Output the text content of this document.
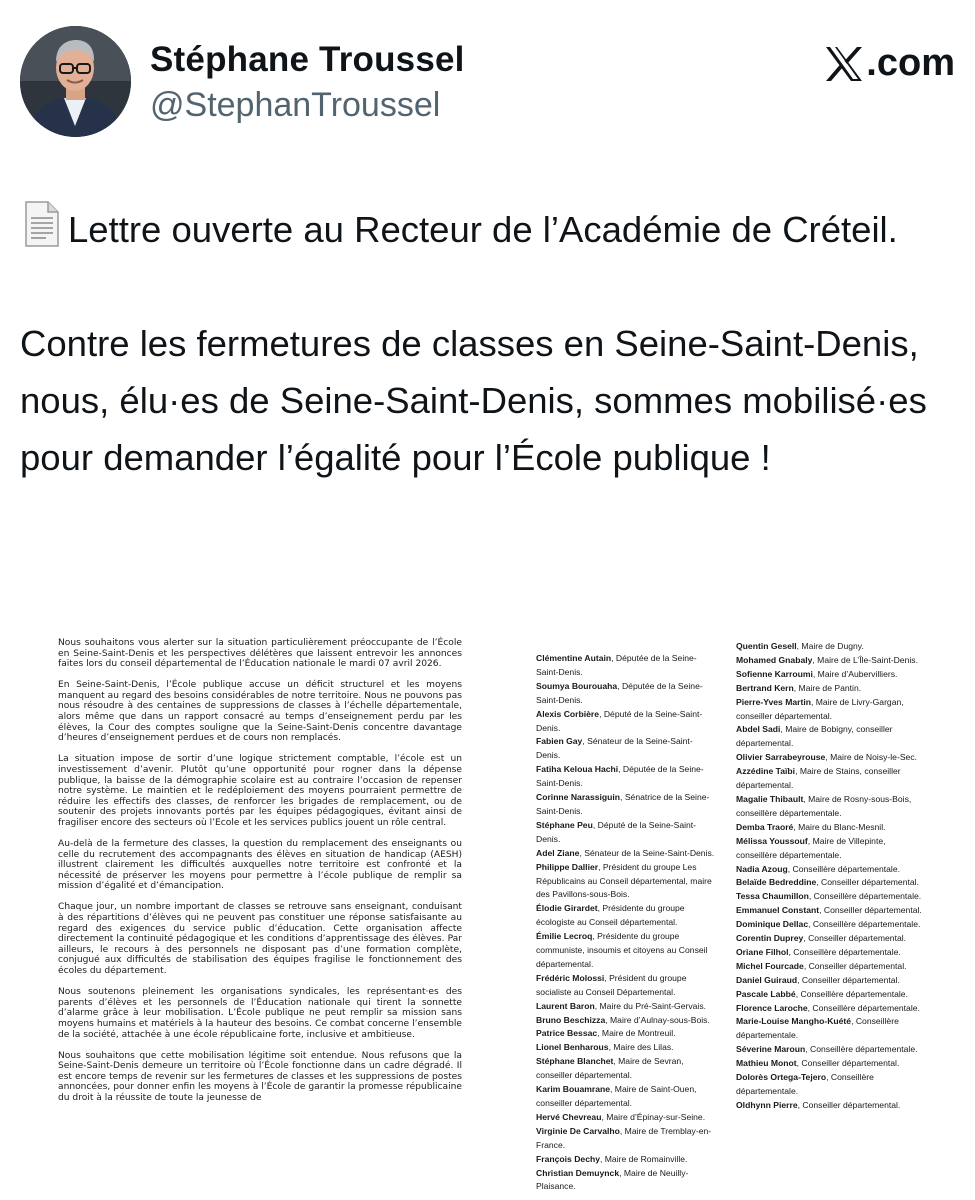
Stéphane Troussel
@StephanTroussel
.com

Lettre ouverte au Recteur de l’Académie de Créteil.

Contre les fermetures de classes en Seine-Saint-Denis, nous, élu·es de Seine-Saint-Denis, sommes mobilisé·es pour demander l’égalité pour l’École publique !

Nous souhaitons vous alerter sur la situation particulièrement préoccupante de l’École en Seine-Saint-Denis et les perspectives délétères que laissent entrevoir les annonces faites lors du conseil départemental de l’Éducation nationale le mardi 07 avril 2026.

En Seine-Saint-Denis, l’École publique accuse un déficit structurel et les moyens manquent au regard des besoins considérables de notre territoire. Nous ne pouvons pas nous résoudre à des centaines de suppressions de classes à l’échelle départementale, alors même que dans un rapport consacré au temps d’enseignement perdu par les élèves, la Cour des comptes souligne que la Seine-Saint-Denis concentre davantage d’heures d’enseignement perdues et de cours non remplacés.

La situation impose de sortir d’une logique strictement comptable, l’école est un investissement d’avenir. Plutôt qu’une opportunité pour rogner dans la dépense publique, la baisse de la démographie scolaire est au contraire l’occasion de repenser notre système. Le maintien et le redéploiement des moyens pourraient permettre de réduire les effectifs des classes, de renforcer les brigades de remplacement, ou de soutenir des projets innovants portés par les équipes pédagogiques, évitant ainsi de fragiliser encore des secteurs où l’Ecole et les services publics jouent un rôle central.

Au-delà de la fermeture des classes, la question du remplacement des enseignants ou celle du recrutement des accompagnants des élèves en situation de handicap (AESH) illustrent clairement les difficultés auxquelles notre territoire est confronté et la nécessité de préserver les moyens pour permettre à l’école publique de remplir sa mission d’égalité et d’émancipation.

Chaque jour, un nombre important de classes se retrouve sans enseignant, conduisant à des répartitions d’élèves qui ne peuvent pas constituer une réponse satisfaisante au regard des exigences du service public d’éducation. Cette organisation affecte directement la continuité pédagogique et les conditions d’apprentissage des élèves. Par ailleurs, le recours à des personnels ne disposant pas d’une formation complète, conjugué aux difficultés de stabilisation des équipes fragilise le fonctionnement des écoles du département.

Nous soutenons pleinement les organisations syndicales, les représentant·es des parents d’élèves et les personnels de l’Éducation nationale qui tirent la sonnette d’alarme grâce à leur mobilisation. L’École publique ne peut remplir sa mission sans moyens humains et matériels à la hauteur des besoins. Ce combat concerne l’ensemble de la société, attachée à une école républicaine forte, inclusive et ambitieuse.

Nous souhaitons que cette mobilisation légitime soit entendue. Nous refusons que la Seine-Saint-Denis demeure un territoire où l’École fonctionne dans un cadre dégradé. Il est encore temps de revenir sur les fermetures de classes et les suppressions de postes annoncées, pour donner enfin les moyens à l’École de garantir la promesse républicaine du droit à la réussite de toute la jeunesse de

Clémentine Autain, Députée de la Seine-Saint-Denis.

Soumya Bourouaha, Députée de la Seine-Saint-Denis.

Alexis Corbière, Député de la Seine-Saint-Denis.

Fabien Gay, Sénateur de la Seine-Saint-Denis.

Fatiha Keloua Hachi, Députée de la Seine-Saint-Denis.

Corinne Narassiguin, Sénatrice de la Seine-Saint-Denis.

Stéphane Peu, Député de la Seine-Saint-Denis.

Adel Ziane, Sénateur de la Seine-Saint-Denis.

Philippe Dallier, Président du groupe Les Républicains au Conseil départemental, maire des Pavillons-sous-Bois.

Élodie Girardet, Présidente du groupe écologiste au Conseil départemental.

Émilie Lecroq, Présidente du groupe communiste, insoumis et citoyens au Conseil départemental.

Frédéric Molossi, Président du groupe socialiste au Conseil Départemental.

Laurent Baron, Maire du Pré-Saint-Gervais.

Bruno Beschizza, Maire d’Aulnay-sous-Bois.

Patrice Bessac, Maire de Montreuil.

Lionel Benharous, Maire des Lilas.

Stéphane Blanchet, Maire de Sevran, conseiller départemental.

Karim Bouamrane, Maire de Saint-Ouen, conseiller départemental.

Hervé Chevreau, Maire d’Épinay-sur-Seine.

Virginie De Carvalho, Maire de Tremblay-en-France.

François Dechy, Maire de Romainville.

Christian Demuynck, Maire de Neuilly-Plaisance.

Quentin Gesell, Maire de Dugny.

Mohamed Gnabaly, Maire de L’Île-Saint-Denis.

Sofienne Karroumi, Maire d’Aubervilliers.

Bertrand Kern, Maire de Pantin.

Pierre-Yves Martin, Maire de Livry-Gargan, conseiller départemental.

Abdel Sadi, Maire de Bobigny, conseiller départemental.

Olivier Sarrabeyrouse, Maire de Noisy-le-Sec.

Azzédine Taïbi, Maire de Stains, conseiller départemental.

Magalie Thibault, Maire de Rosny-sous-Bois, conseillère départementale.

Demba Traoré, Maire du Blanc-Mesnil.

Mélissa Youssouf, Maire de Villepinte, conseillère départementale.

Nadia Azoug, Conseillère départementale.

Belaïde Bedreddine, Conseiller départemental.

Tessa Chaumillon, Conseillère départementale.

Emmanuel Constant, Conseiller départemental.

Dominique Dellac, Conseillère départementale.

Corentin Duprey, Conseiller départemental.

Oriane Filhol, Conseillère départementale.

Michel Fourcade, Conseiller départemental.

Daniel Guiraud, Conseiller départemental.

Pascale Labbé, Conseillère départementale.

Florence Laroche, Conseillère départementale.

Marie-Louise Mangho-Kuété, Conseillère départementale.

Séverine Maroun, Conseillère départementale.

Mathieu Monot, Conseiller départemental.

Dolorès Ortega-Tejero, Conseillère départementale.

Oldhynn Pierre, Conseiller départemental.
